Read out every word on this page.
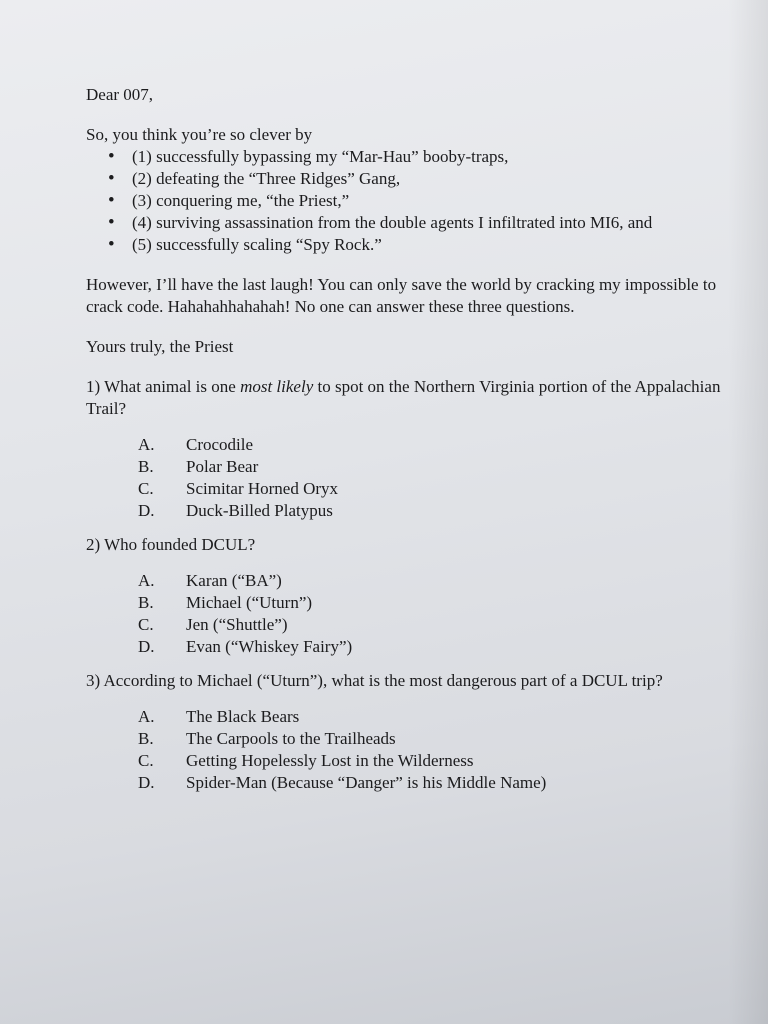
Dear 007,

So, you think you’re so clever by

• (1) successfully bypassing my “Mar-Hau” booby-traps,
• (2) defeating the “Three Ridges” Gang,
• (3) conquering me, “the Priest,”
• (4) surviving assassination from the double agents I infiltrated into MI6, and
• (5) successfully scaling “Spy Rock.”

However, I’ll have the last laugh! You can only save the world by cracking my impossible to crack code. Hahahahhahahah! No one can answer these three questions.

Yours truly, the Priest

1) What animal is one most likely to spot on the Northern Virginia portion of the Appalachian Trail?

A.	Crocodile
B.	Polar Bear
C.	Scimitar Horned Oryx
D.	Duck-Billed Platypus

2) Who founded DCUL?

A.	Karan (“BA”)
B.	Michael (“Uturn”)
C.	Jen (“Shuttle”)
D.	Evan (“Whiskey Fairy”)

3) According to Michael (“Uturn”), what is the most dangerous part of a DCUL trip?

A.	The Black Bears
B.	The Carpools to the Trailheads
C.	Getting Hopelessly Lost in the Wilderness
D.	Spider-Man (Because “Danger” is his Middle Name)
